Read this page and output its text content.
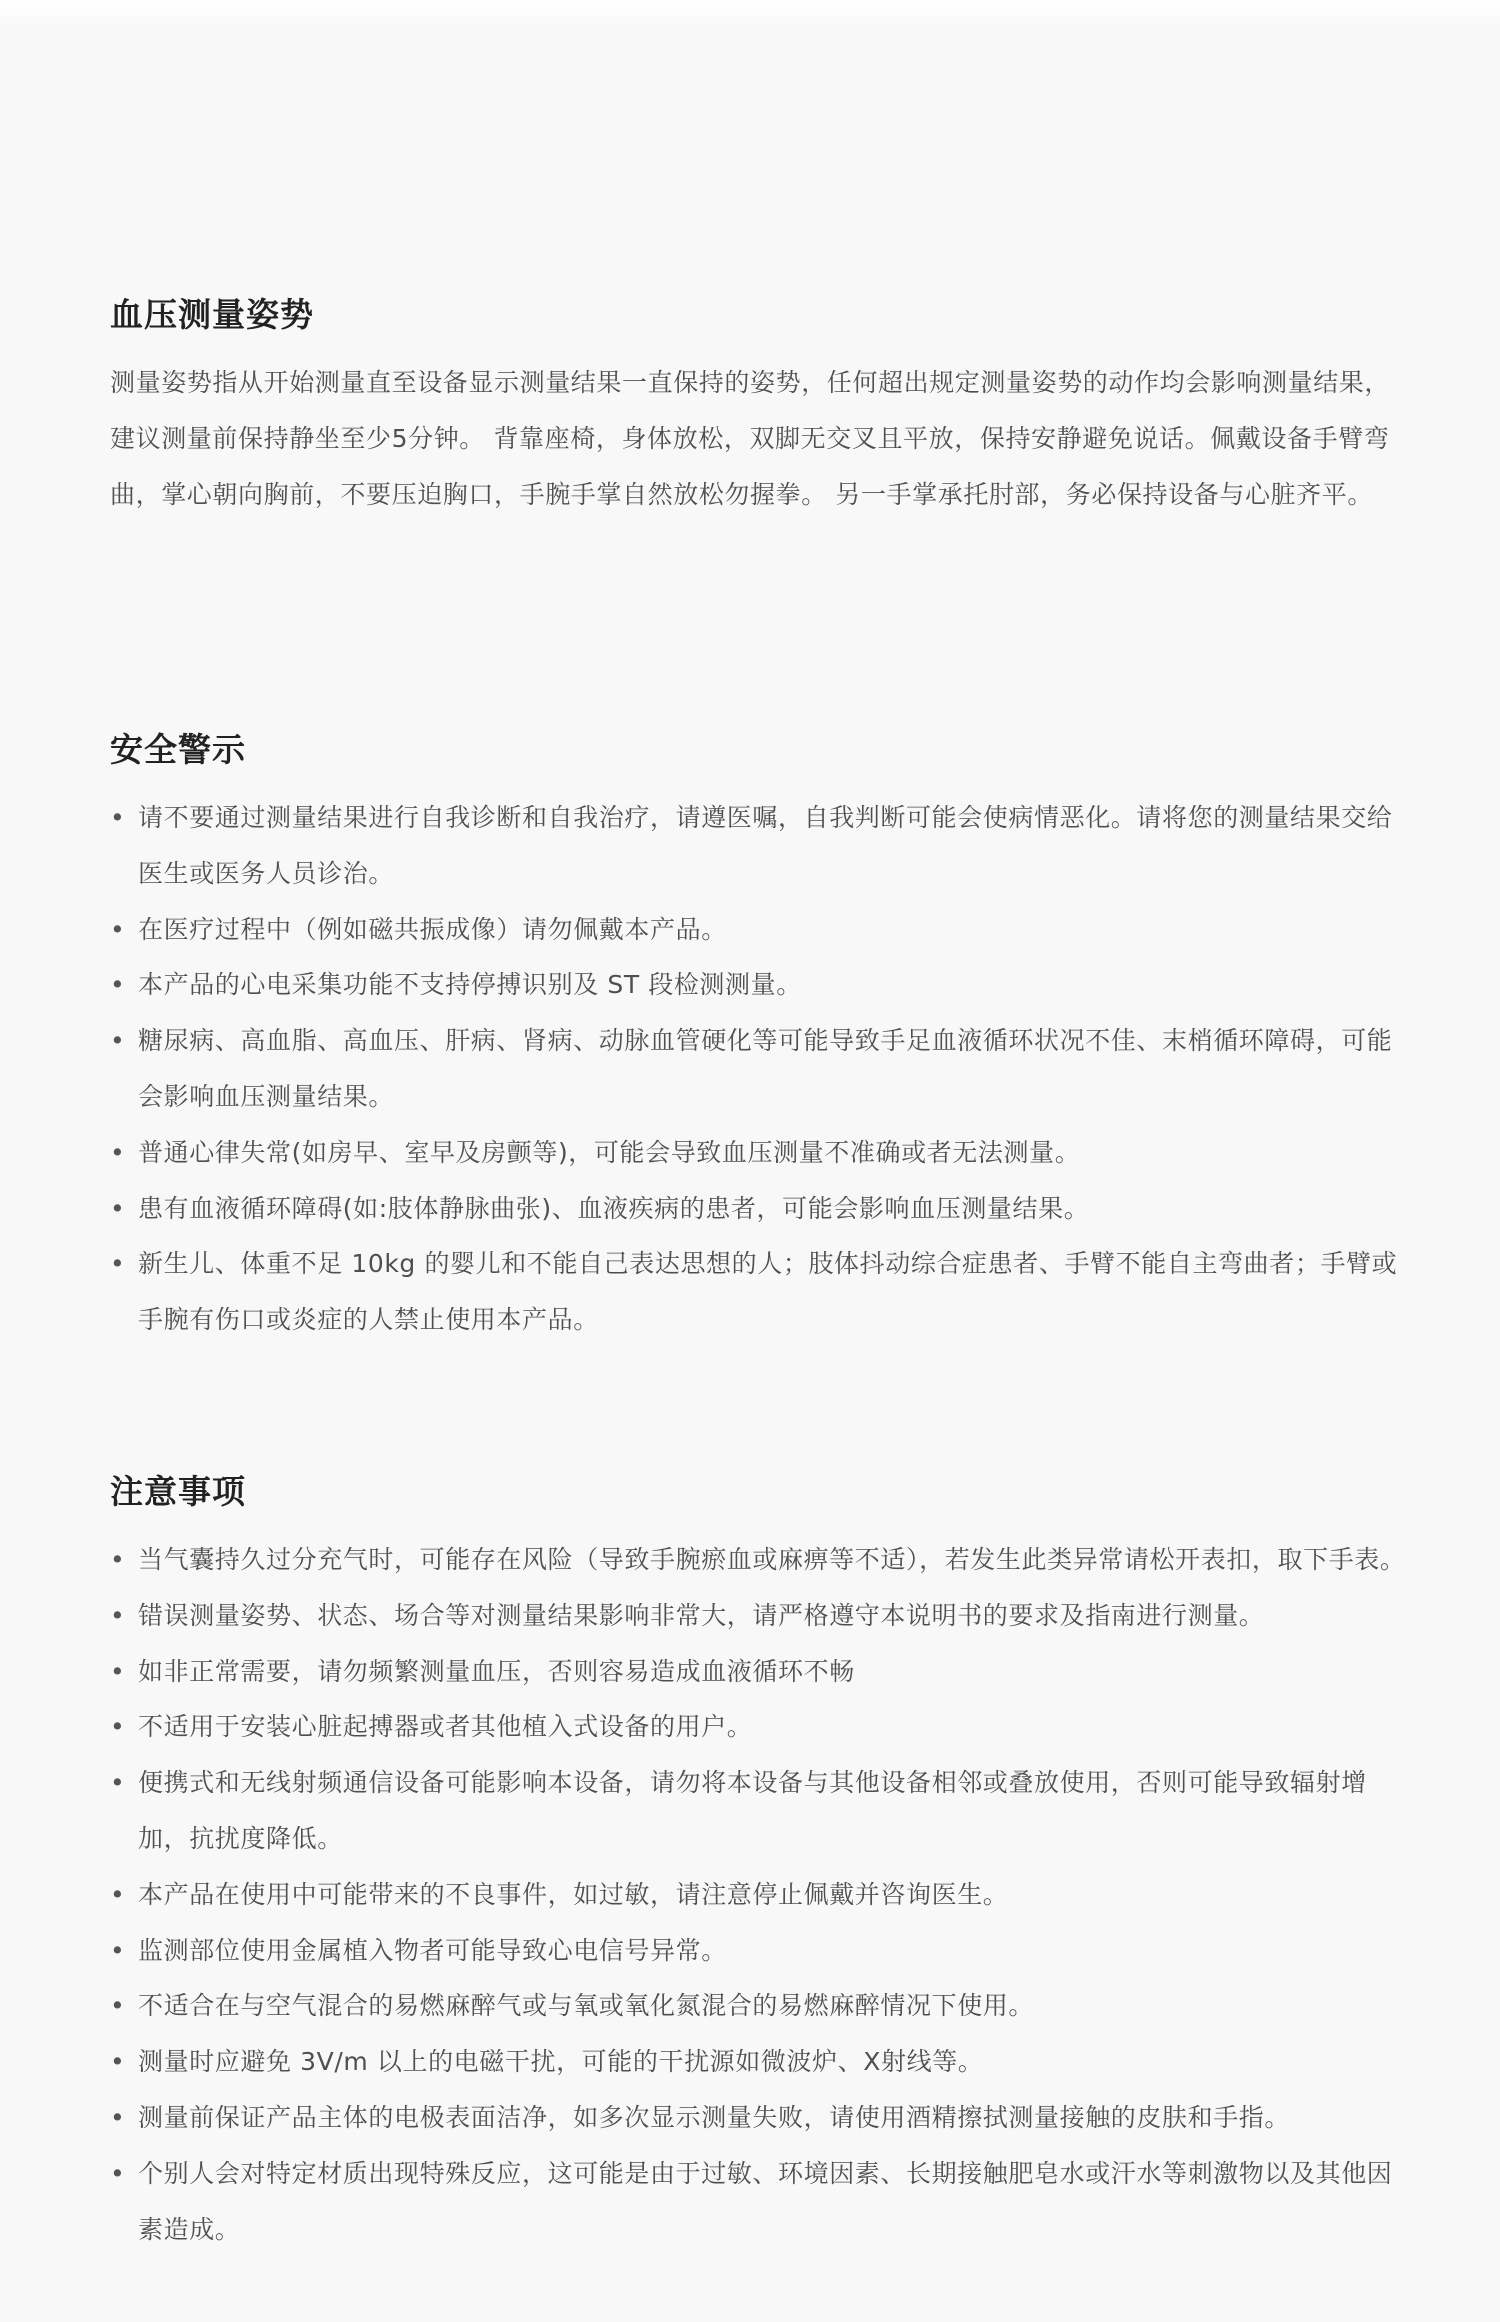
血压测量姿势

测量姿势指从开始测量直至设备显示测量结果一直保持的姿势，任何超出规定测量姿势的动作均会影响测量结果，建议测量前保持静坐至少5分钟。 背靠座椅，身体放松，双脚无交叉且平放，保持安静避免说话。佩戴设备手臂弯曲，掌心朝向胸前，不要压迫胸口，手腕手掌自然放松勿握拳。 另一手掌承托肘部，务必保持设备与心脏齐平。

安全警示

• 请不要通过测量结果进行自我诊断和自我治疗，请遵医嘱，自我判断可能会使病情恶化。请将您的测量结果交给医生或医务人员诊治。

• 在医疗过程中（例如磁共振成像）请勿佩戴本产品。

• 本产品的心电采集功能不支持停搏识别及 ST 段检测测量。

• 糖尿病、高血脂、高血压、肝病、肾病、动脉血管硬化等可能导致手足血液循环状况不佳、末梢循环障碍，可能会影响血压测量结果。

• 普通心律失常(如房早、室早及房颤等)，可能会导致血压测量不准确或者无法测量。

• 患有血液循环障碍(如:肢体静脉曲张)、血液疾病的患者，可能会影响血压测量结果。

• 新生儿、体重不足 10kg 的婴儿和不能自己表达思想的人；肢体抖动综合症患者、手臂不能自主弯曲者；手臂或手腕有伤口或炎症的人禁止使用本产品。

注意事项

• 当气囊持久过分充气时，可能存在风险（导致手腕瘀血或麻痹等不适），若发生此类异常请松开表扣，取下手表。

• 错误测量姿势、状态、场合等对测量结果影响非常大，请严格遵守本说明书的要求及指南进行测量。

• 如非正常需要，请勿频繁测量血压，否则容易造成血液循环不畅

• 不适用于安装心脏起搏器或者其他植入式设备的用户。

• 便携式和无线射频通信设备可能影响本设备，请勿将本设备与其他设备相邻或叠放使用，否则可能导致辐射增加，抗扰度降低。

• 本产品在使用中可能带来的不良事件，如过敏，请注意停止佩戴并咨询医生。

• 监测部位使用金属植入物者可能导致心电信号异常。

• 不适合在与空气混合的易燃麻醉气或与氧或氧化氮混合的易燃麻醉情况下使用。

• 测量时应避免 3V/m 以上的电磁干扰，可能的干扰源如微波炉、X射线等。

• 测量前保证产品主体的电极表面洁净，如多次显示测量失败，请使用酒精擦拭测量接触的皮肤和手指。

• 个别人会对特定材质出现特殊反应，这可能是由于过敏、环境因素、长期接触肥皂水或汗水等刺激物以及其他因素造成。
